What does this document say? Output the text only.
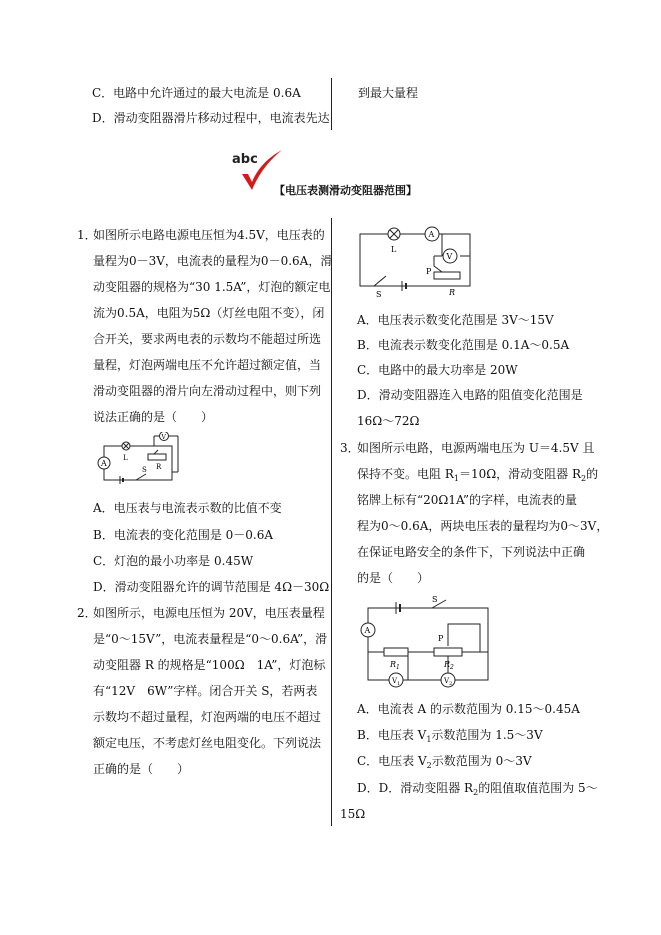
C．电路中允许通过的最大电流是 0.6A
D．滑动变阻器滑片移动过程中，电流表先达
到最大量程
abc
【电压表测滑动变阻器范围】
1．
如图所示电路电源电压恒为4.5V，电压表的
量程为0－3V，电流表的量程为0－0.6A，滑
动变阻器的规格为“30 1.5A”，灯泡的额定电
流为0.5A，电阻为5Ω（灯丝电阻不变），闭
合开关，要求两电表的示数均不能超过所选
量程，灯泡两端电压不允许超过额定值，当
滑动变阻器的滑片向左滑动过程中，则下列
说法正确的是（　　）
A
L
V
R
S
A．电压表与电流表示数的比值不变
B．电流表的变化范围是 0－0.6A
C．灯泡的最小功率是 0.45W
D．滑动变阻器允许的调节范围是 4Ω－30Ω
2．
如图所示，电源电压恒为 20V，电压表量程
是“0～15V”，电流表量程是“0～0.6A”，滑
动变阻器 R 的规格是“100Ω　1A”，灯泡标
有“12V　6W”字样。闭合开关 S，若两表
示数均不超过量程，灯泡两端的电压不超过
额定电压，不考虑灯丝电阻变化。下列说法
正确的是（　　）
L
A
V
P
R
S
A．电压表示数变化范围是 3V～15V
B．电流表示数变化范围是 0.1A～0.5A
C．电路中的最大功率是 20W
D．滑动变阻器连入电路的阻值变化范围是
16Ω～72Ω
3．
如图所示电路，电源两端电压为 U＝4.5V 且
保持不变。电阻 $R_1=10\Omega$，滑动变阻器 $R_2$的
铭牌上标有“20Ω1A”的字样，电流表的量
程为0～0.6A，两块电压表的量程均为0～3V，
在保证电路安全的条件下，下列说法中正确
的是（　　）
S
A
P
$R_1$	$R_2$
$V_1$	$V_2$
A．电流表 A 的示数范围为 0.15～0.45A
B．电压表 $V_1$示数范围为 1.5～3V
C．电压表 $V_2$示数范围为 0～3V
D．D．滑动变阻器 $R_2$的阻值取值范围为 5～
15Ω
